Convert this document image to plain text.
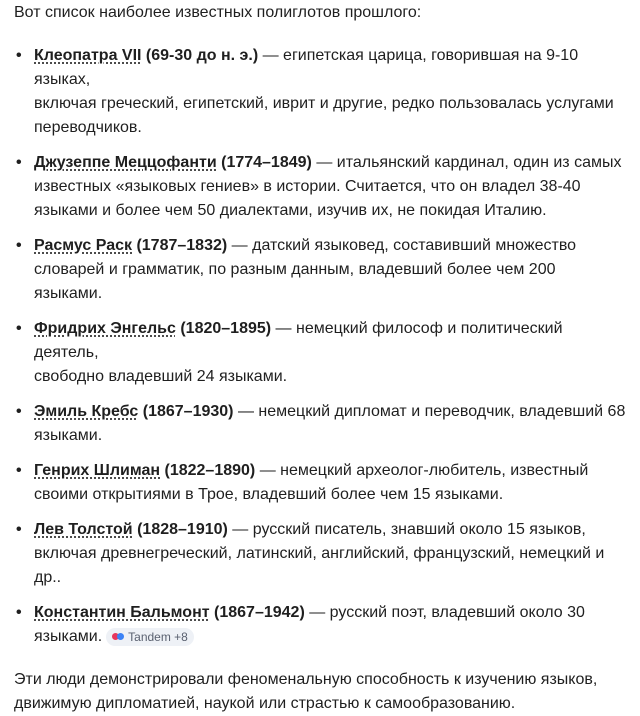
Вот список наиболее известных полиглотов прошлого:

• Клеопатра VII (69-30 до н. э.) — египетская царица, говорившая на 9-10 языках,
включая греческий, египетский, иврит и другие, редко пользовалась услугами
переводчиков.
• Джузеппе Меццофанти (1774–1849) — итальянский кардинал, один из самых
известных «языковых гениев» в истории. Считается, что он владел 38-40
языками и более чем 50 диалектами, изучив их, не покидая Италию.
• Расмус Раск (1787–1832) — датский языковед, составивший множество
словарей и грамматик, по разным данным, владевший более чем 200 языками.
• Фридрих Энгельс (1820–1895) — немецкий философ и политический деятель,
свободно владевший 24 языками.
• Эмиль Кребс (1867–1930) — немецкий дипломат и переводчик, владевший 68
языками.
• Генрих Шлиман (1822–1890) — немецкий археолог-любитель, известный
своими открытиями в Трое, владевший более чем 15 языками.
• Лев Толстой (1828–1910) — русский писатель, знавший около 15 языков,
включая древнегреческий, латинский, английский, французский, немецкий и др..
• Константин Бальмонт (1867–1942) — русский поэт, владевший около 30
языками. Tandem +8

Эти люди демонстрировали феноменальную способность к изучению языков,
движимую дипломатией, наукой или страстью к самообразованию.
